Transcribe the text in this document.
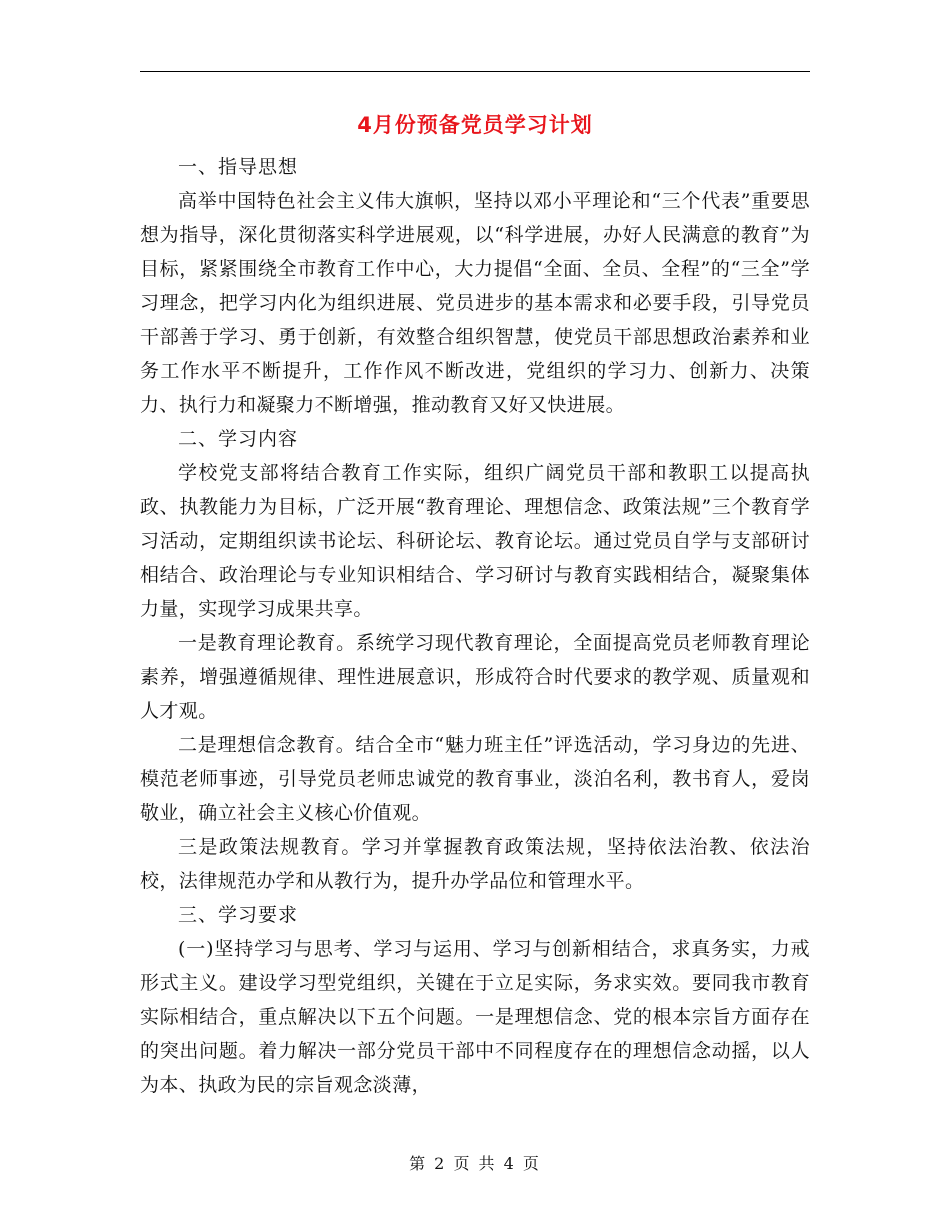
4月份预备党员学习计划

一、指导思想

高举中国特色社会主义伟大旗帜，坚持以邓小平理论和“三个代表”重要思想为指导，深化贯彻落实科学进展观，以“科学进展，办好人民满意的教育”为目标，紧紧围绕全市教育工作中心，大力提倡“全面、全员、全程”的“三全”学习理念，把学习内化为组织进展、党员进步的基本需求和必要手段，引导党员干部善于学习、勇于创新，有效整合组织智慧，使党员干部思想政治素养和业务工作水平不断提升，工作作风不断改进，党组织的学习力、创新力、决策力、执行力和凝聚力不断增强，推动教育又好又快进展。

二、学习内容

学校党支部将结合教育工作实际，组织广阔党员干部和教职工以提高执政、执教能力为目标，广泛开展“教育理论、理想信念、政策法规”三个教育学习活动，定期组织读书论坛、科研论坛、教育论坛。通过党员自学与支部研讨相结合、政治理论与专业知识相结合、学习研讨与教育实践相结合，凝聚集体力量，实现学习成果共享。

一是教育理论教育。系统学习现代教育理论，全面提高党员老师教育理论素养，增强遵循规律、理性进展意识，形成符合时代要求的教学观、质量观和人才观。

二是理想信念教育。结合全市“魅力班主任”评选活动，学习身边的先进、模范老师事迹，引导党员老师忠诚党的教育事业，淡泊名利，教书育人，爱岗敬业，确立社会主义核心价值观。

三是政策法规教育。学习并掌握教育政策法规，坚持依法治教、依法治校，法律规范办学和从教行为，提升办学品位和管理水平。

三、学习要求

(一)坚持学习与思考、学习与运用、学习与创新相结合，求真务实，力戒形式主义。建设学习型党组织，关键在于立足实际，务求实效。要同我市教育实际相结合，重点解决以下五个问题。一是理想信念、党的根本宗旨方面存在的突出问题。着力解决一部分党员干部中不同程度存在的理想信念动摇，以人为本、执政为民的宗旨观念淡薄，

第 2 页 共 4 页
